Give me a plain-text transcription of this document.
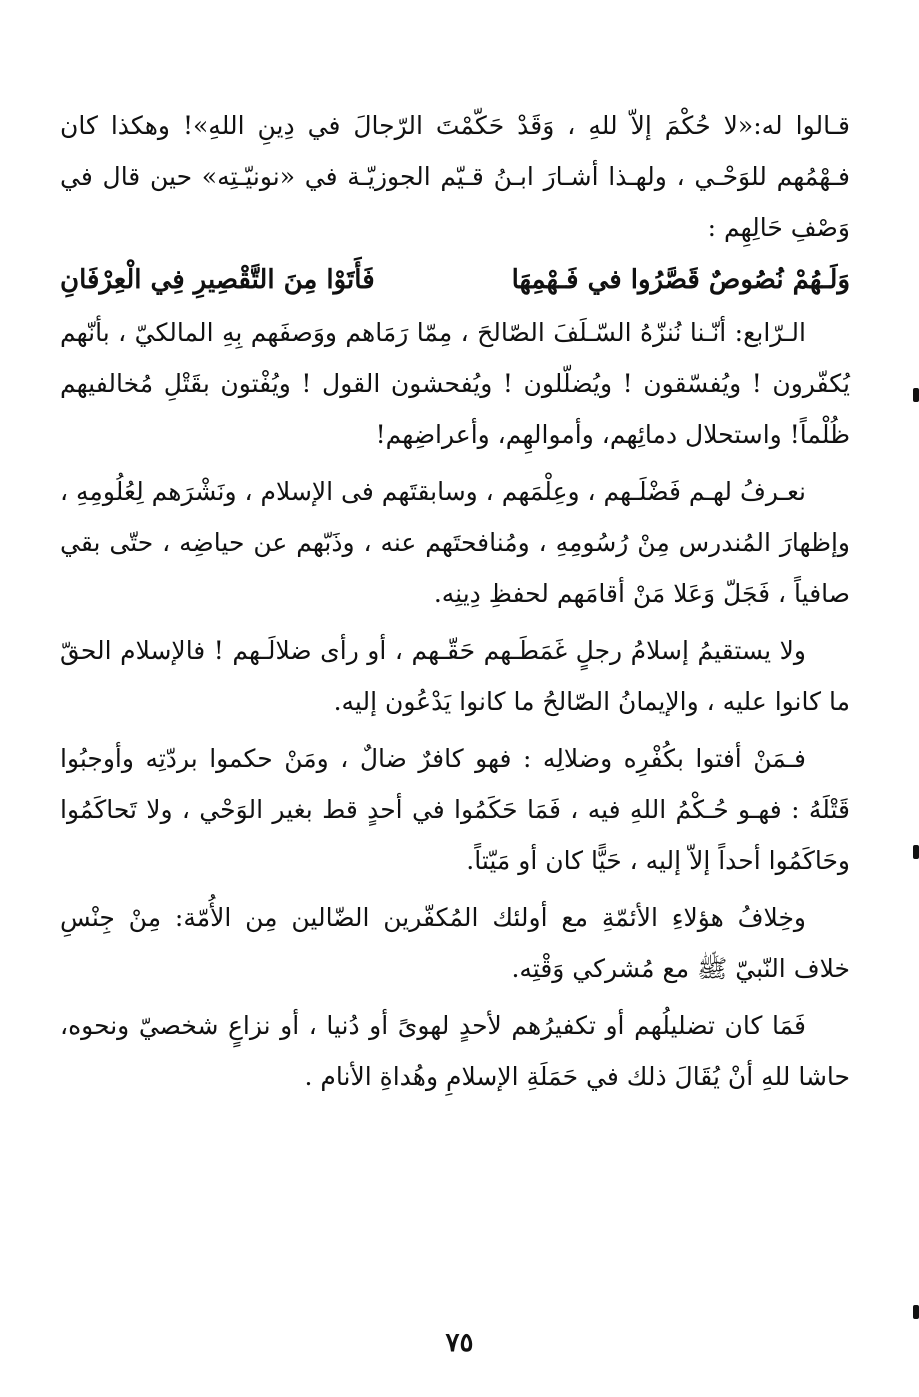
قـالوا له:«لا حُكْمَ إلاّ للهِ ، وَقَدْ حَكّمْتَ الرّجالَ في دِينِ اللهِ»! وهكذا كان فـهْمُهم للوَحْـي ، ولهـذا أشـارَ ابـنُ قـيّم الجوزيّـة في «نونيّـتِه» حين قال في وَصْفِ حَالِهِم :

وَلَـهُمْ نُصُوصٌ قَصَّرُوا في فَـهْمِهَا
فَأَتَوْا مِنَ التَّقْصِيرِ فِي الْعِرْفَانِ

الـرّابع: أنّـنا نُنزّهُ السّـلَفَ الصّالحَ ، مِمّا رَمَاهم ووَصفَهم بِهِ المالكيّ ، بأنّهم يُكفّرون ! ويُفسّقون ! ويُضلّلون ! ويُفحشون القول ! ويُفْتون بقَتْلِ مُخالفيهم ظُلْماً! واستحلال دمائِهم، وأموالهِم، وأعراضِهم!

نعـرفُ لهـم فَضْلَـهم ، وعِلْمَهم ، وسابقتَهم فى الإسلام ، ونَشْرَهم لِعُلُومِهِ ، وإظهارَ المُندرس مِنْ رُسُومِهِ ، ومُنافحتَهم عنه ، وذَبّهم عن حياضِه ، حتّى بقي صافياً ، فَجَلّ وَعَلا مَنْ أقامَهم لحفظِ دِينِه.

ولا يستقيمُ إسلامُ رجلٍ غَمَطَـهم حَقّـهم ، أو رأى ضلالَـهم ! فالإسلام الحقّ ما كانوا عليه ، والإيمانُ الصّالحُ ما كانوا يَدْعُون إليه.

فـمَنْ أفتوا بكُفْرِه وضلالِه : فهو كافرٌ ضالٌ ، ومَنْ حكموا بردّتِه وأوجبُوا قَتْلَهُ : فهـو حُـكْمُ اللهِ فيه ، فَمَا حَكَمُوا في أحدٍ قط بغير الوَحْي ، ولا تَحاكَمُوا وحَاكَمُوا أحداً إلاّ إليه ، حَيًّا كان أو مَيّتاً.

وخِلافُ هؤلاءِ الأئمّةِ مع أولئك المُكفّرين الضّالين مِن الأُمّة: مِنْ جِنْسِ خلاف النّبيّ ﷺ مع مُشركي وَقْتِه.

فَمَا كان تضليلُهم أو تكفيرُهم لأحدٍ لهوىً أو دُنيا ، أو نزاعٍ شخصيّ ونحوه، حاشا للهِ أنْ يُقَالَ ذلك في حَمَلَةِ الإسلامِ وهُداةِ الأنام .

٧٥
